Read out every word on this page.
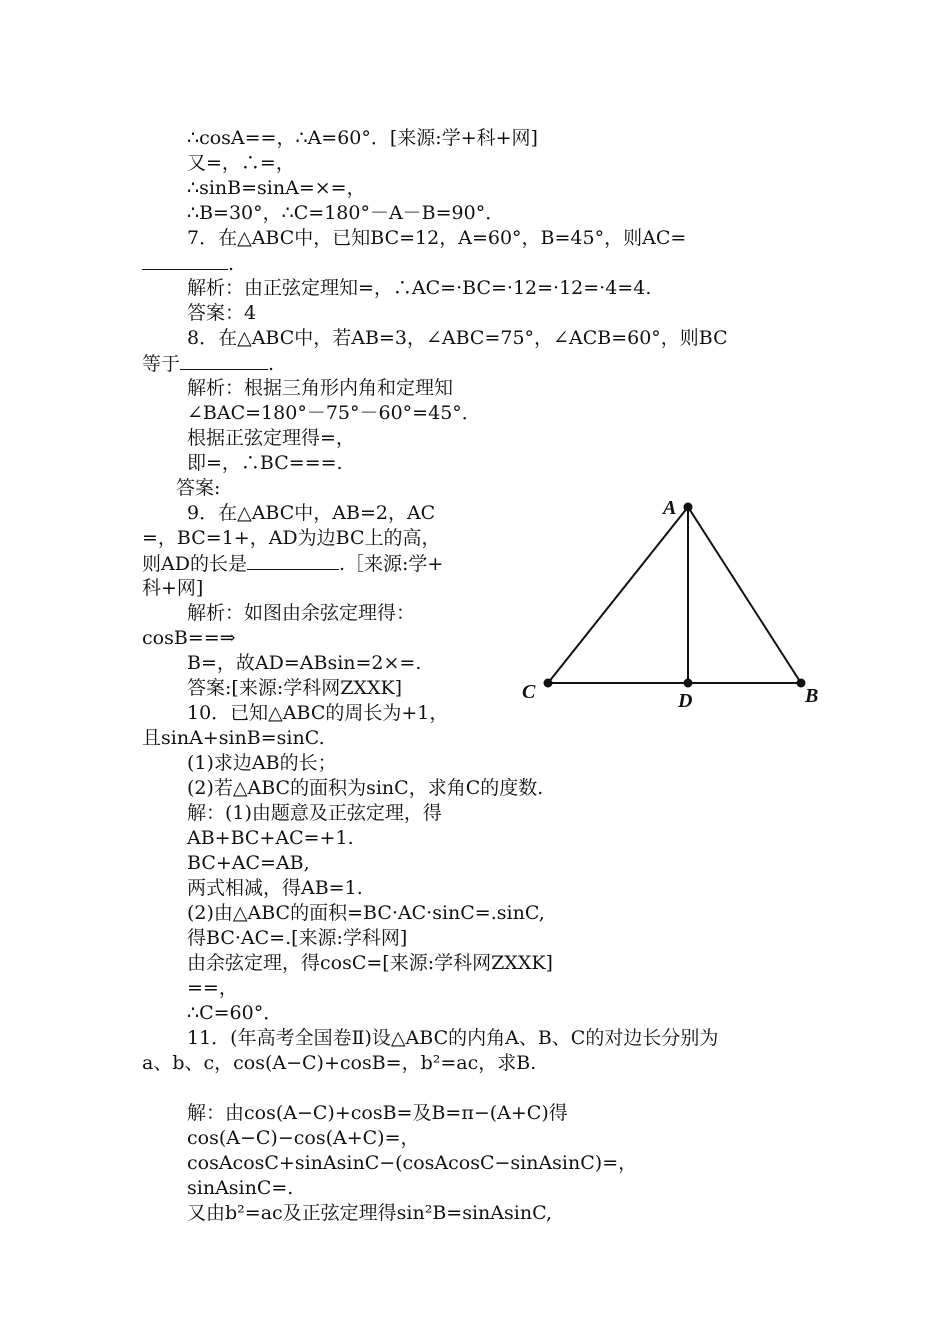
∴cosA==，∴A=60°．[来源:学+科+网]
又=，∴=，
∴sinB=sinA=×=，
∴B=30°，∴C=180°－A－B=90°．
7．在△ABC中，已知BC=12，A=60°，B=45°，则AC=
.
解析：由正弦定理知=，∴AC=·BC=·12=·12=·4=4.
答案：4
8．在△ABC中，若AB=3，∠ABC=75°，∠ACB=60°，则BC
等于	.
解析：根据三角形内角和定理知
∠BAC=180°－75°－60°=45°．
根据正弦定理得=，
即=，∴BC===.
答案:
9．在△ABC中，AB=2，AC
=，BC=1+，AD为边BC上的高，
则AD的长是	.［来源:学+
科+网]
解析：如图由余弦定理得：
cosB==⇒
B=，故AD=ABsin=2×=.
答案:[来源:学科网ZXXK]
10．已知△ABC的周长为+1，
且sinA+sinB=sinC.
(1)求边AB的长；
(2)若△ABC的面积为sinC，求角C的度数.
解：(1)由题意及正弦定理，得
AB+BC+AC=+1.
BC+AC=AB,
两式相减，得AB=1.
(2)由△ABC的面积=BC·AC·sinC=.sinC,
得BC·AC=.[来源:学科网]
由余弦定理，得cosC=[来源:学科网ZXXK]
==，
∴C=60°．
11．(年高考全国卷Ⅱ)设△ABC的内角A、B、C的对边长分别为
a、b、c，cos(A−C)+cosB=，b²=ac，求B.
解：由cos(A−C)+cosB=及B=π−(A+C)得
cos(A−C)−cos(A+C)=，
cosAcosC+sinAsinC−(cosAcosC−sinAsinC)=，
sinAsinC=.
又由b²=ac及正弦定理得sin²B=sinAsinC,
A
C	D	B
